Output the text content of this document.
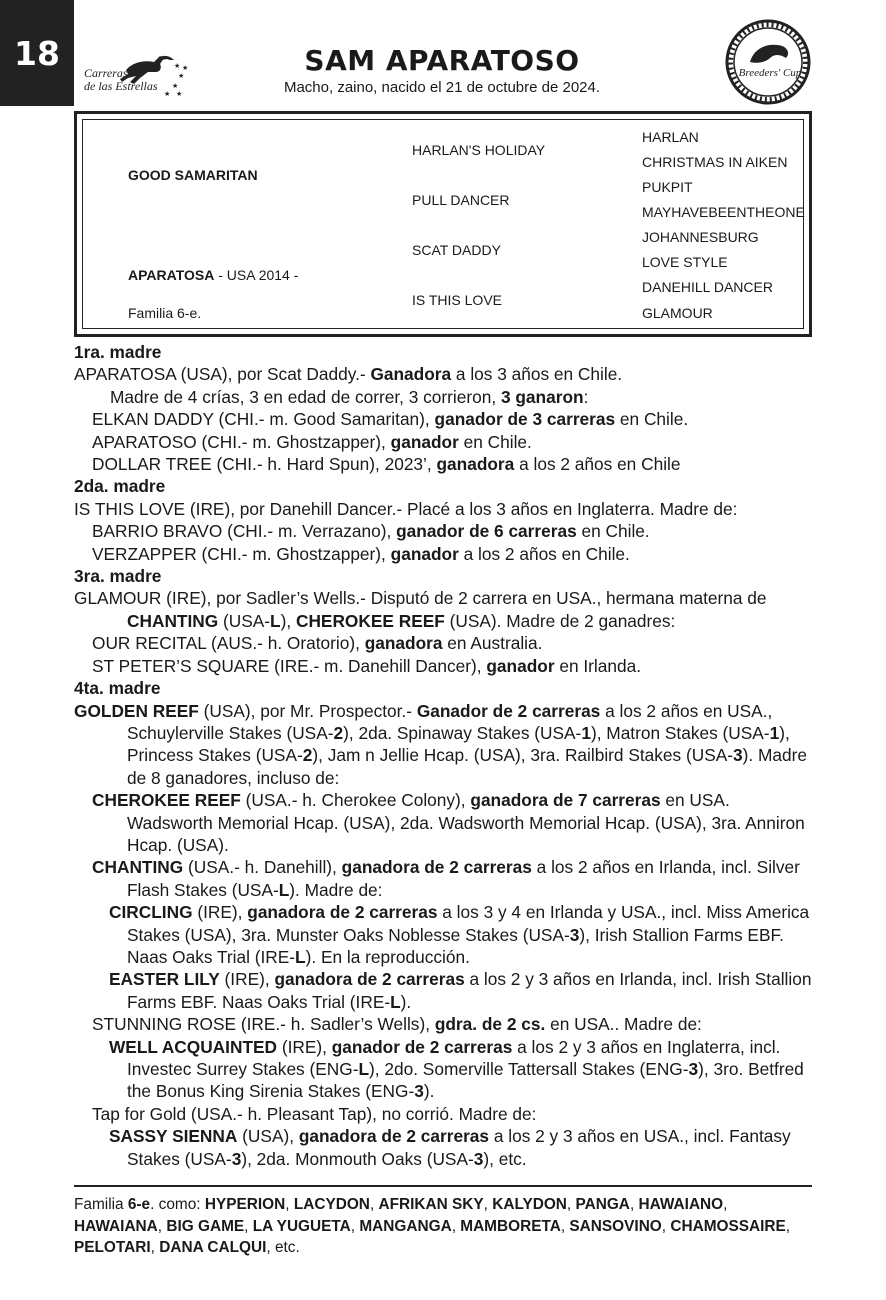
18	★
★
★
★
★ ★
Carreras
de las Estrellas
SAM APARATOSO
Macho, zaino, nacido el 21 de octubre de 2024.
Breeders' Cup
GOOD SAMARITAN
APARATOSA - USA 2014 -
Familia 6-e.
HARLAN'S HOLIDAY
PULL DANCER
SCAT DADDY
IS THIS LOVE
HARLAN
CHRISTMAS IN AIKEN
PUKPIT
MAYHAVEBEENTHEONE
JOHANNESBURG
LOVE STYLE
DANEHILL DANCER
GLAMOUR

1ra. madre

APARATOSA (USA), por Scat Daddy.- Ganadora a los 3 años en Chile.

Madre de 4 crías, 3 en edad de correr, 3 corrieron, 3 ganaron:

ELKAN DADDY (CHI.- m. Good Samaritan), ganador de 3 carreras en Chile.

APARATOSO (CHI.- m. Ghostzapper), ganador en Chile.

DOLLAR TREE (CHI.- h. Hard Spun), 2023’, ganadora a los 2 años en Chile

2da. madre

IS THIS LOVE (IRE), por Danehill Dancer.- Placé a los 3 años en Inglaterra. Madre de:

BARRIO BRAVO (CHI.- m. Verrazano), ganador de 6 carreras en Chile.

VERZAPPER (CHI.- m. Ghostzapper), ganador a los 2 años en Chile.

3ra. madre

GLAMOUR (IRE), por Sadler’s Wells.- Disputó de 2 carrera en USA., hermana materna de CHANTING (USA-L), CHEROKEE REEF (USA). Madre de 2 ganadres:

OUR RECITAL (AUS.- h. Oratorio), ganadora en Australia.

ST PETER’S SQUARE (IRE.- m. Danehill Dancer), ganador en Irlanda.

4ta. madre

GOLDEN REEF (USA), por Mr. Prospector.- Ganador de 2 carreras a los 2 años en USA., Schuylerville Stakes (USA-2), 2da. Spinaway Stakes (USA-1), Matron Stakes (USA-1), Princess Stakes (USA-2), Jam n Jellie Hcap. (USA), 3ra. Railbird Stakes (USA-3). Madre de 8 ganadores, incluso de:

CHEROKEE REEF (USA.- h. Cherokee Colony), ganadora de 7 carreras en USA. Wadsworth Memorial Hcap. (USA), 2da. Wadsworth Memorial Hcap. (USA), 3ra. Anniron Hcap. (USA).

CHANTING (USA.- h. Danehill), ganadora de 2 carreras a los 2 años en Irlanda, incl. Silver Flash Stakes (USA-L). Madre de:

CIRCLING (IRE), ganadora de 2 carreras a los 3 y 4 en Irlanda y USA., incl. Miss America Stakes (USA), 3ra. Munster Oaks Noblesse Stakes (USA-3), Irish Stallion Farms EBF. Naas Oaks Trial (IRE-L). En la reproducción.

EASTER LILY (IRE), ganadora de 2 carreras a los 2 y 3 años en Irlanda, incl. Irish Stallion Farms EBF. Naas Oaks Trial (IRE-L).

STUNNING ROSE (IRE.- h. Sadler’s Wells), gdra. de 2 cs. en USA.. Madre de:

WELL ACQUAINTED (IRE), ganador de 2 carreras a los 2 y 3 años en Inglaterra, incl. Investec Surrey Stakes (ENG-L), 2do. Somerville Tattersall Stakes (ENG-3), 3ro. Betfred the Bonus King Sirenia Stakes (ENG-3).

Tap for Gold (USA.- h. Pleasant Tap), no corrió. Madre de:

SASSY SIENNA (USA), ganadora de 2 carreras a los 2 y 3 años en USA., incl. Fantasy Stakes (USA-3), 2da. Monmouth Oaks (USA-3), etc.

Familia 6-e. como: HYPERION, LACYDON, AFRIKAN SKY, KALYDON, PANGA, HAWAIANO, HAWAIANA, BIG GAME, LA YUGUETA, MANGANGA, MAMBORETA, SANSOVINO, CHAMOSSAIRE, PELOTARI, DANA CALQUI, etc.
